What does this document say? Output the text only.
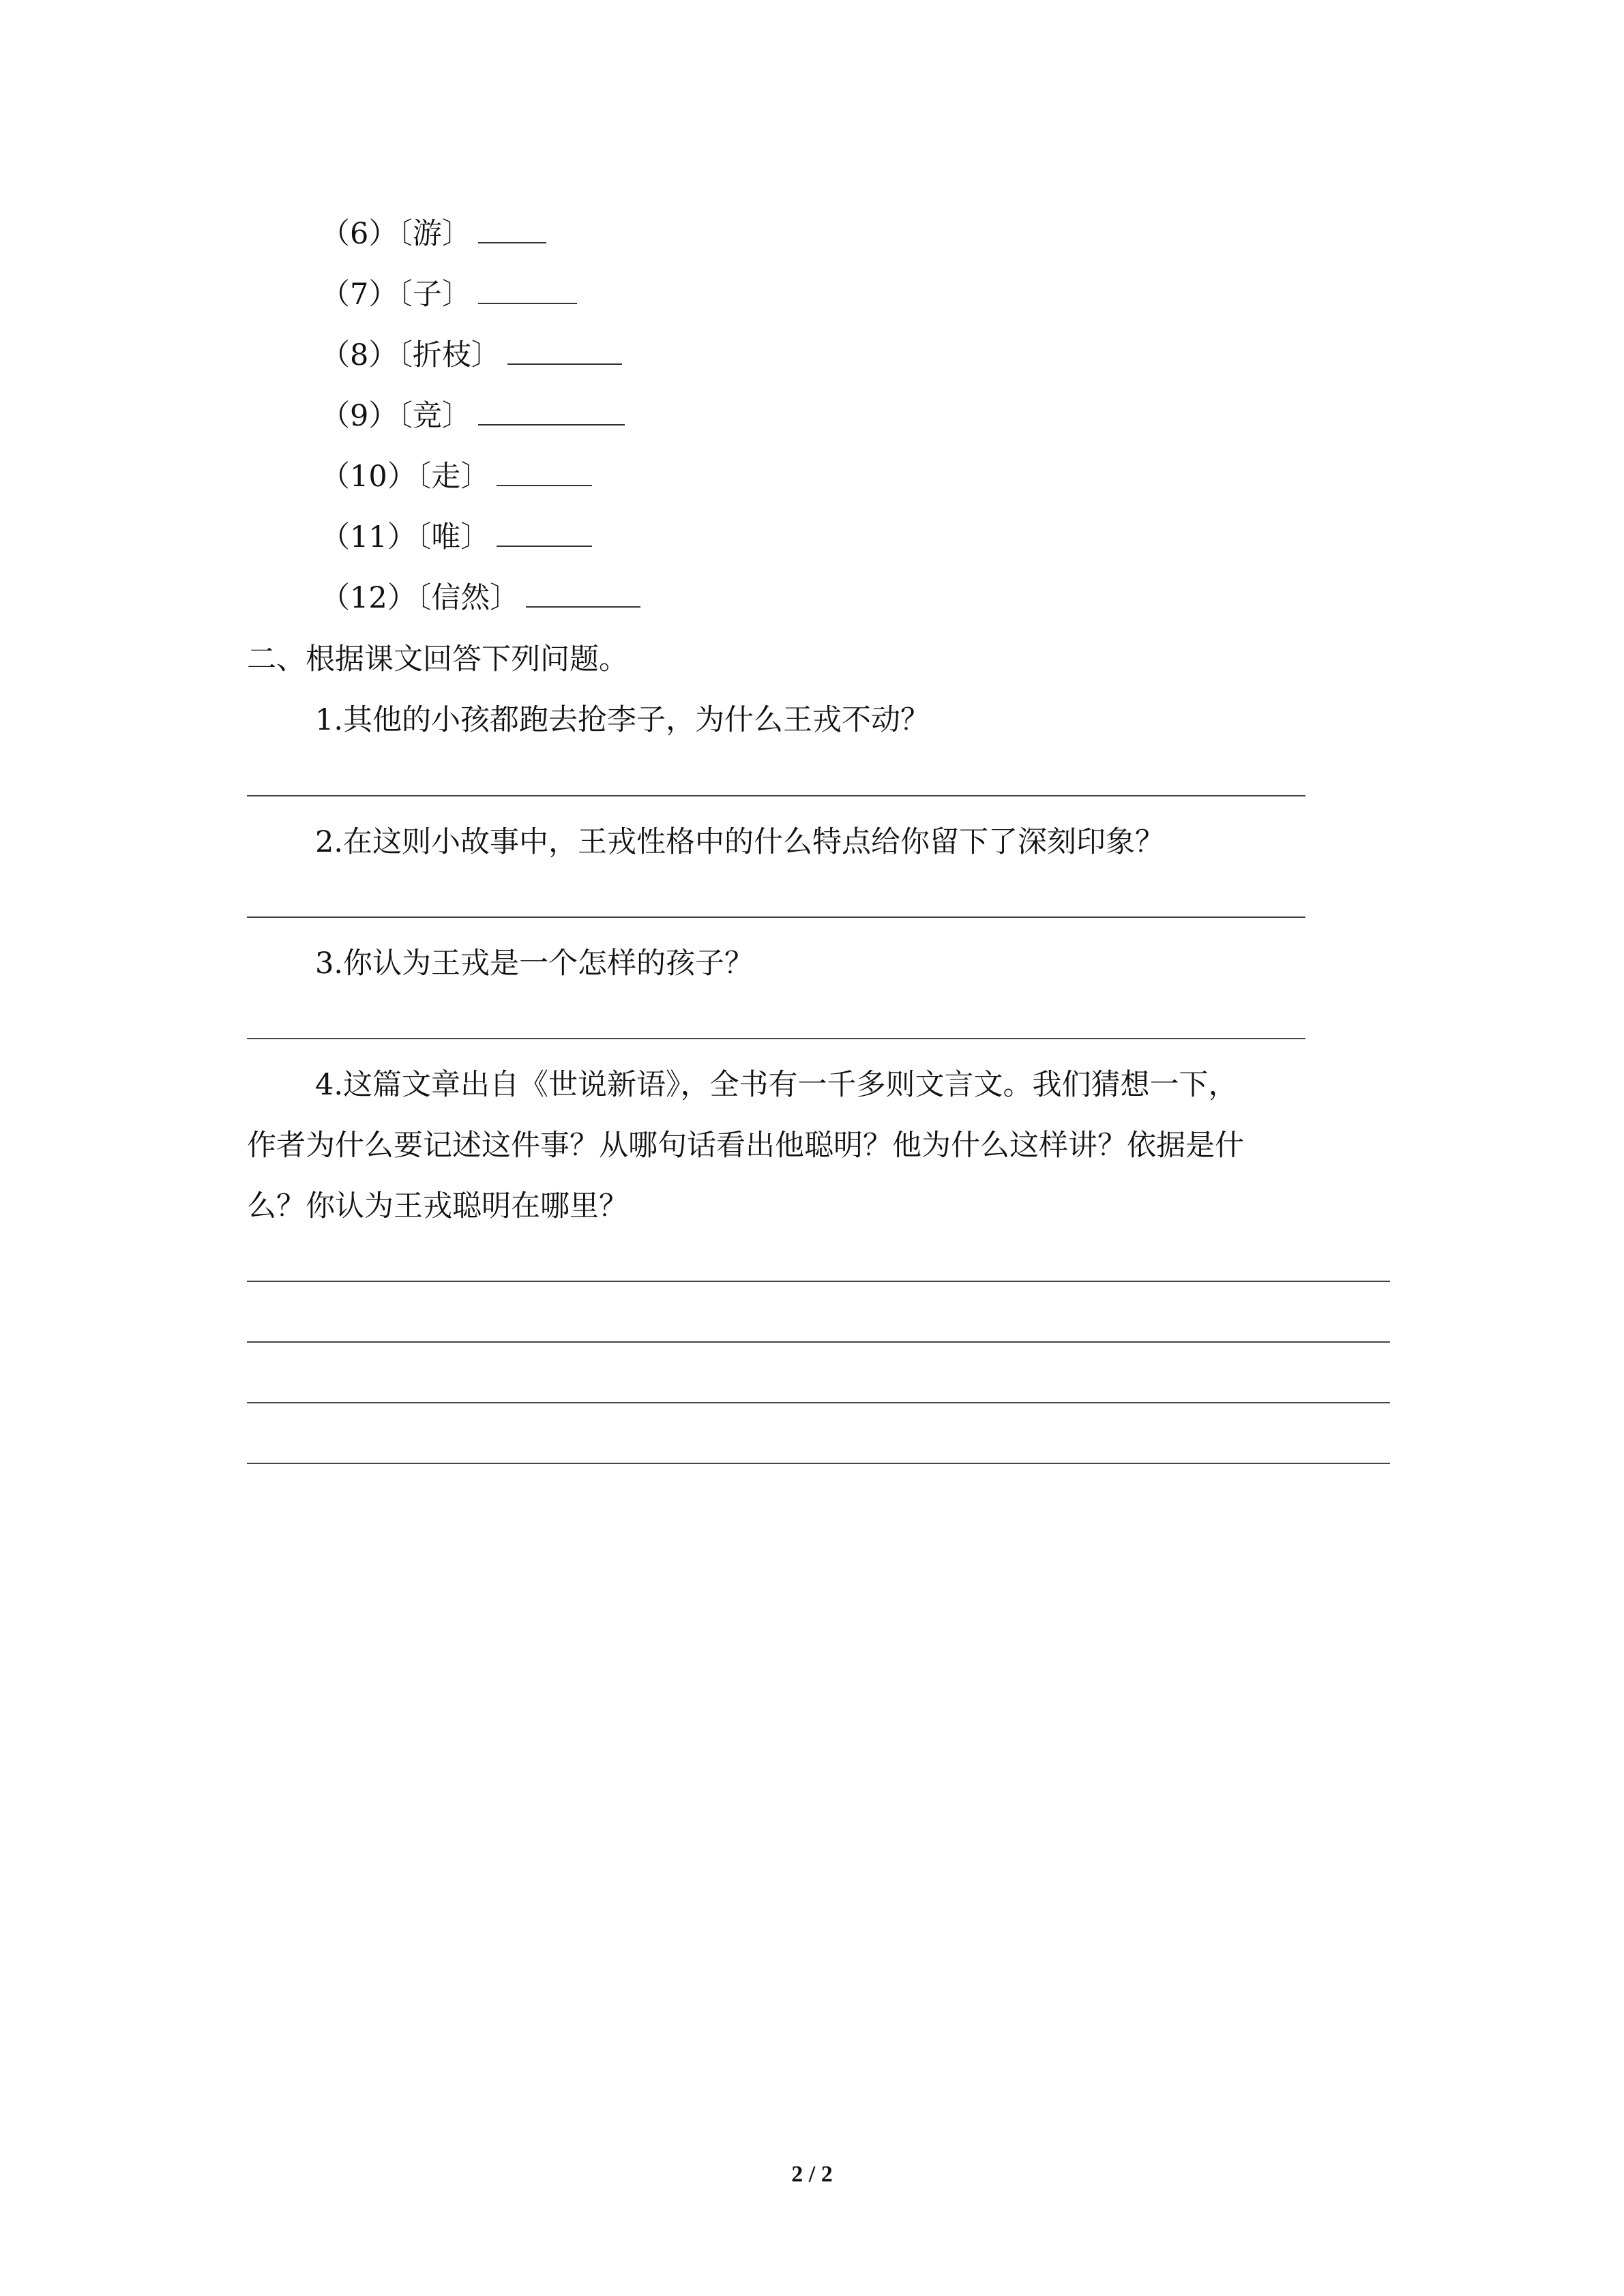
（6）〔游〕
（7）〔子〕
（8）〔折枝〕
（9）〔竞〕
（10）〔走〕
（11）〔唯〕
（12）〔信然〕
二、根据课文回答下列问题。
1.其他的小孩都跑去抢李子，为什么王戎不动？
2.在这则小故事中，王戎性格中的什么特点给你留下了深刻印象？
3.你认为王戎是一个怎样的孩子？
4.这篇文章出自《世说新语》，全书有一千多则文言文。我们猜想一下，
作者为什么要记述这件事？从哪句话看出他聪明？他为什么这样讲？依据是什
么？你认为王戎聪明在哪里？
2 / 2
